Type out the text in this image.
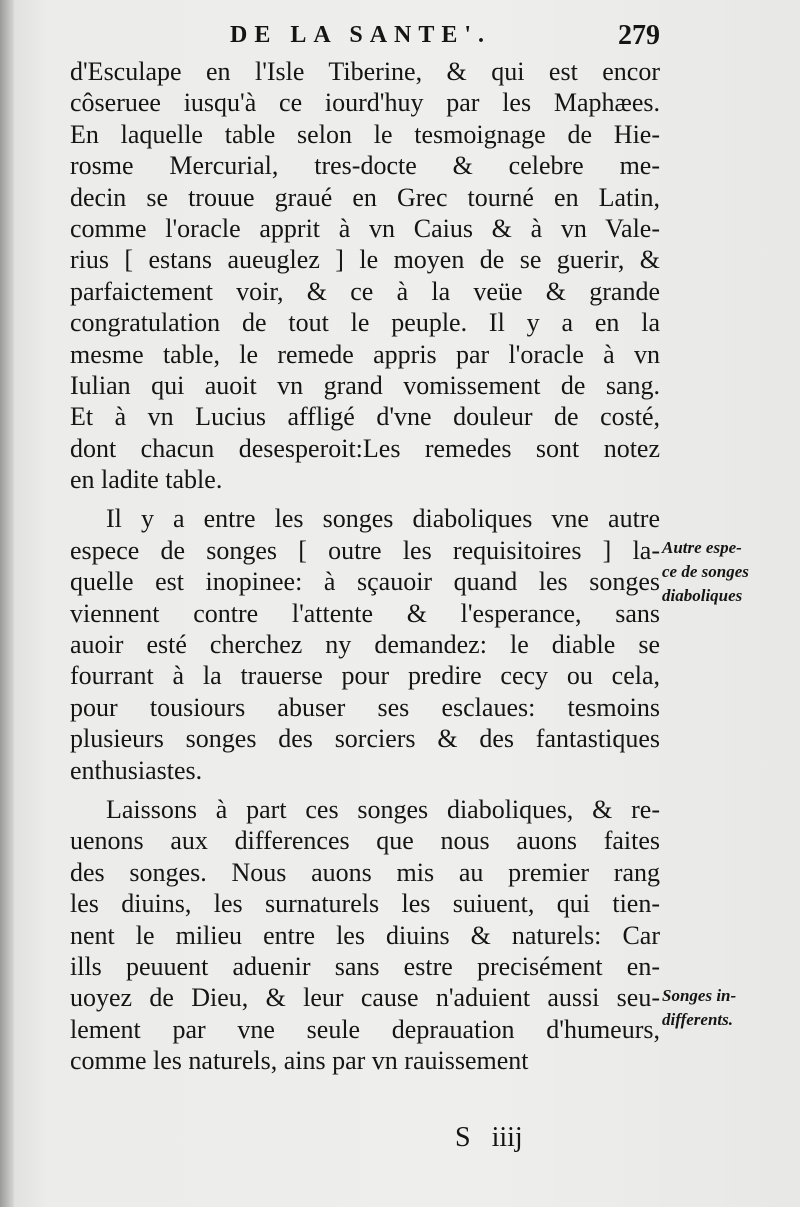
DE LA SANTE'.	279
d'Esculape en l'Isle Tiberine, & qui est encor
côseruee iusqu'à ce iourd'huy par les Maphæes.
En laquelle table selon le tesmoignage de Hie-
rosme Mercurial, tres-docte & celebre me-
decin se trouue graué en Grec tourné en Latin,
comme l'oracle apprit à vn Caius & à vn Vale-
rius [ estans aueuglez ] le moyen de se guerir, &
parfaictement voir, & ce à la veüe & grande
congratulation de tout le peuple. Il y a en la
mesme table, le remede appris par l'oracle à vn
Iulian qui auoit vn grand vomissement de sang.
Et à vn Lucius affligé d'vne douleur de costé,
dont chacun desesperoit:Les remedes sont notez
en ladite table.
Il y a entre les songes diaboliques vne autre
espece de songes [ outre les requisitoires ] la-
quelle est inopinee: à sçauoir quand les songes
viennent contre l'attente & l'esperance, sans
auoir esté cherchez ny demandez: le diable se
fourrant à la trauerse pour predire cecy ou cela,
pour tousiours abuser ses esclaues: tesmoins
plusieurs songes des sorciers & des fantastiques
enthusiastes.
Laissons à part ces songes diaboliques, & re-
uenons aux differences que nous auons faites
des songes. Nous auons mis au premier rang
les diuins, les surnaturels les suiuent, qui tien-
nent le milieu entre les diuins & naturels: Car
ills peuuent aduenir sans estre precisément en-
uoyez de Dieu, & leur cause n'aduient aussi seu-
lement par vne seule deprauation d'humeurs,
comme les naturels, ains par vn rauissement
Autre espe-
ce de songes
diaboliques
Songes in-
differents.
S iiij
